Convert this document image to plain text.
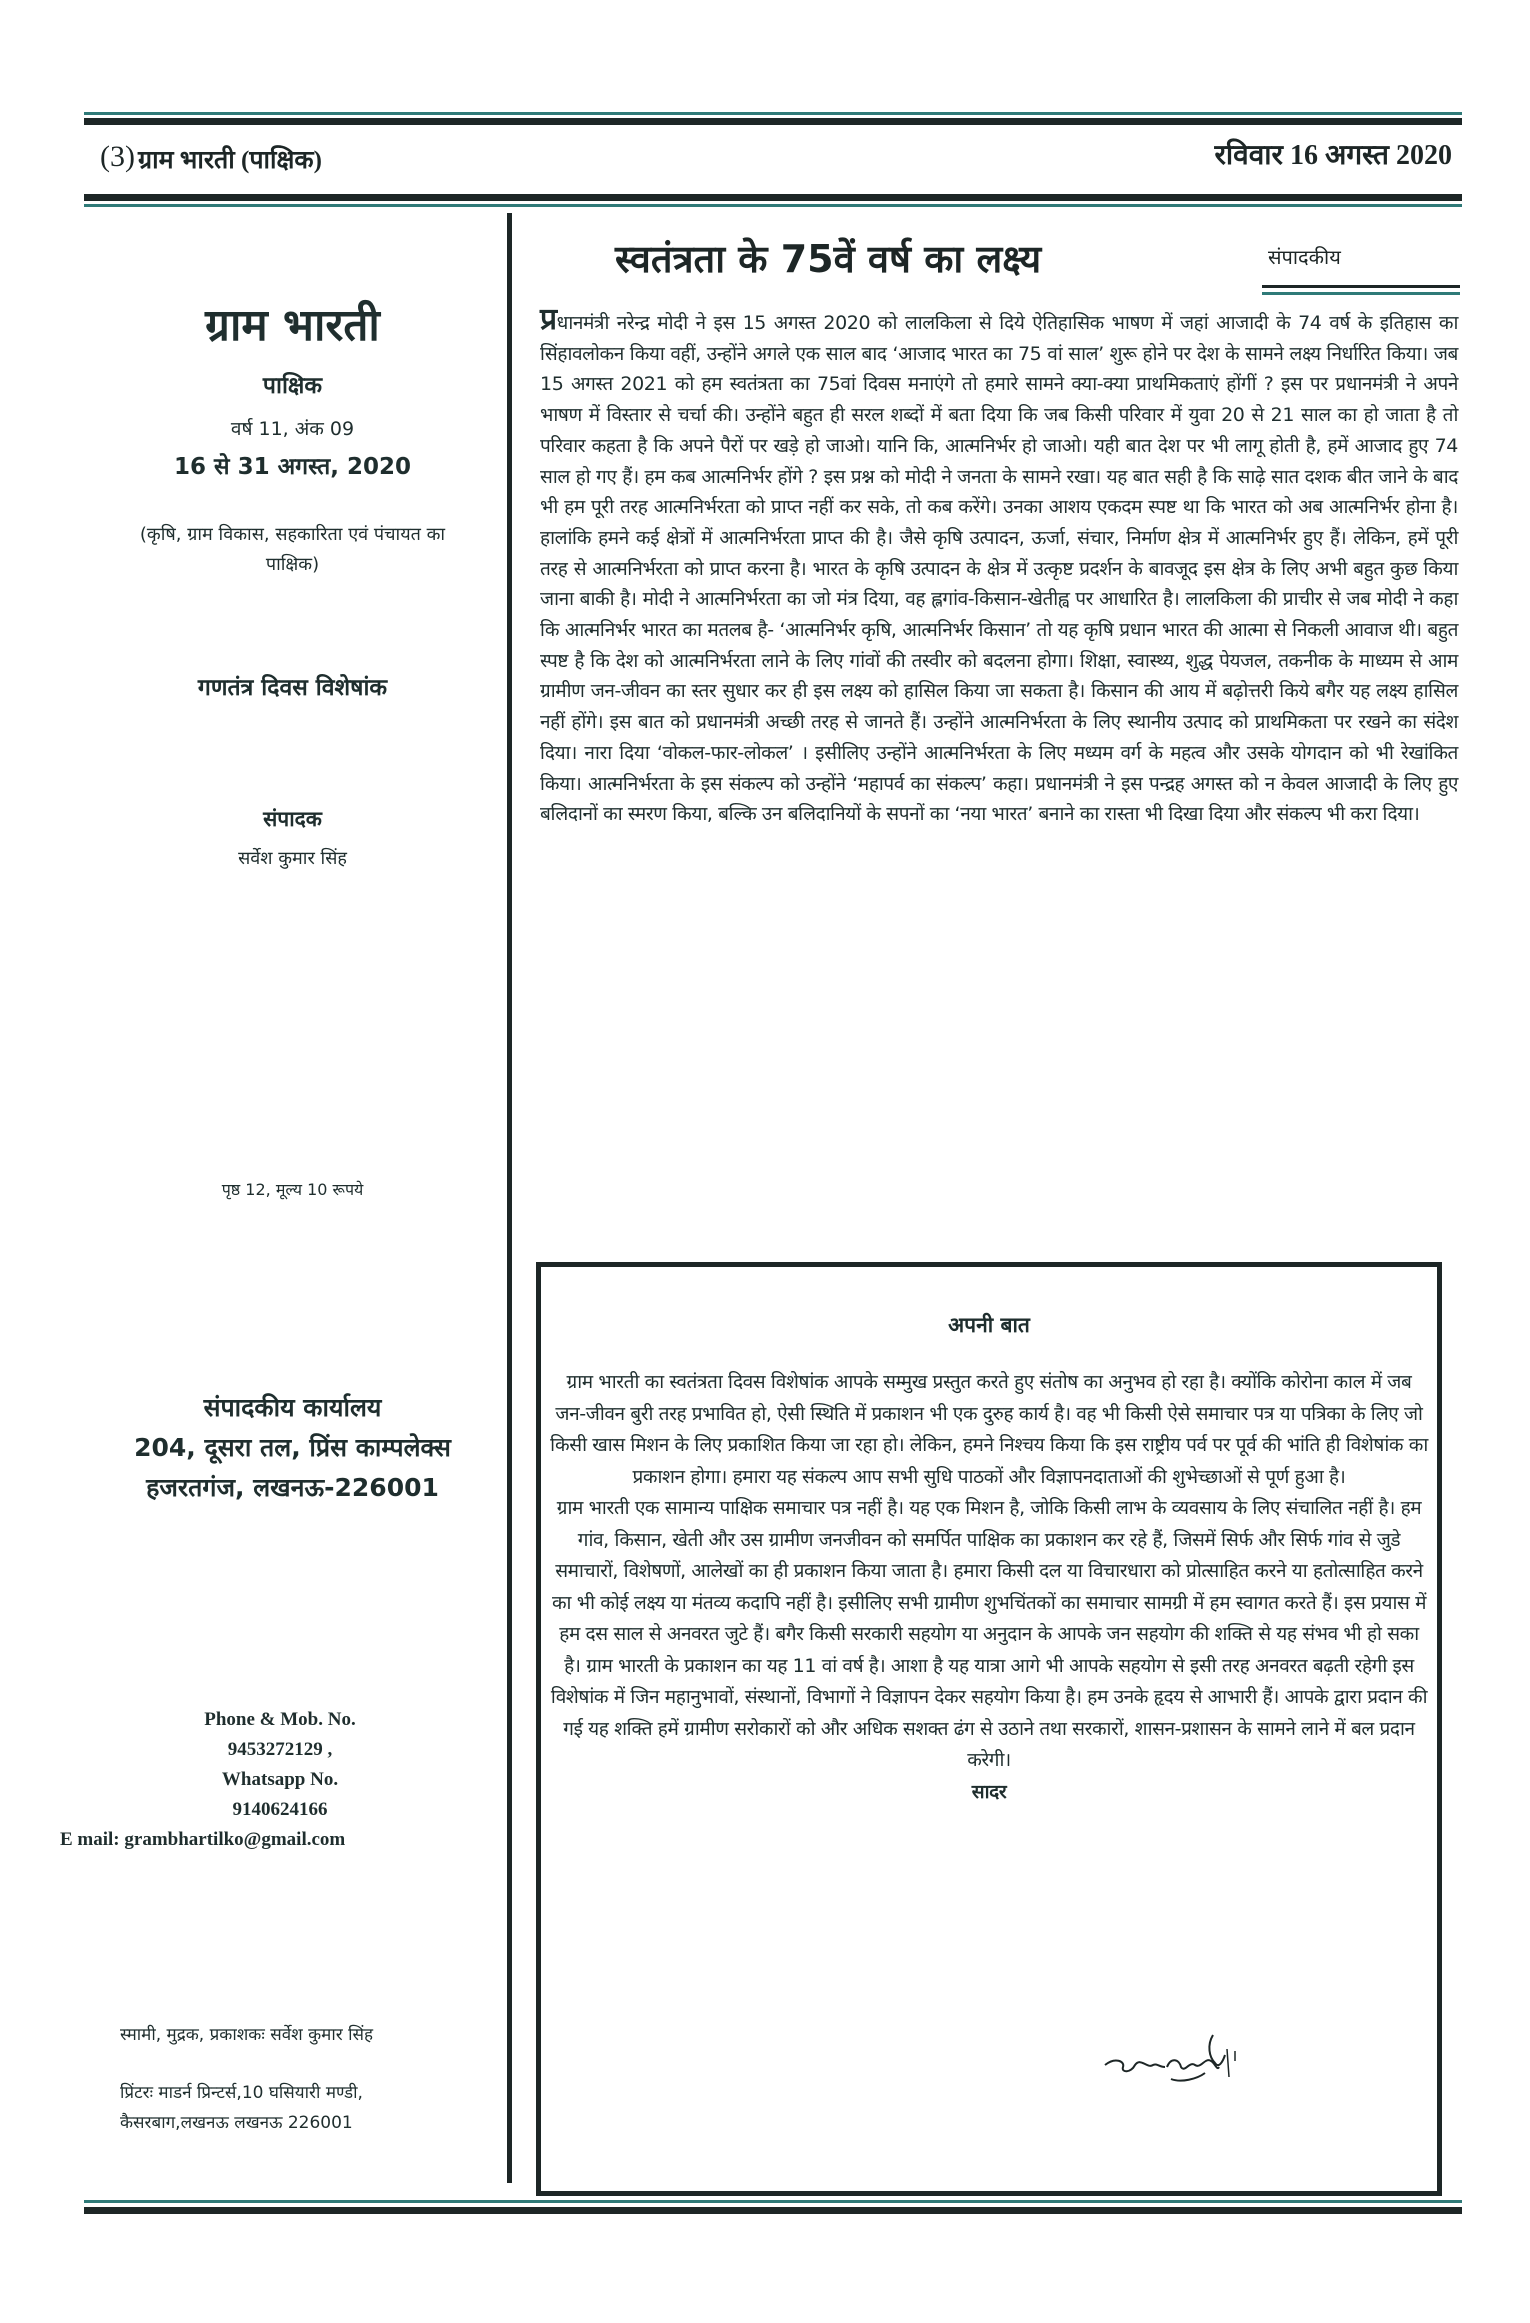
(3) ग्राम भारती (पाक्षिक)	रविवार 16 अगस्त 2020
ग्राम भारती
पाक्षिक
वर्ष 11, अंक 09
16 से 31 अगस्त, 2020
(कृषि, ग्राम विकास, सहकारिता एवं पंचायत का पाक्षिक)
गणतंत्र दिवस विशेषांक
संपादक
सर्वेश कुमार सिंह
पृष्ठ 12, मूल्य 10 रूपये
संपादकीय कार्यालय
204, दूसरा तल, प्रिंस काम्पलेक्स
हजरतगंज, लखनऊ-226001
Phone & Mob. No.
9453272129 ,
Whatsapp No.
9140624166
E mail: grambhartilko@gmail.com
स्मामी, मुद्रक, प्रकाशकः सर्वेश कुमार सिंह
प्रिंटरः माडर्न प्रिन्टर्स,10 घसियारी मण्डी,
कैसरबाग,लखनऊ लखनऊ 226001
स्वतंत्रता के 75वें वर्ष का लक्ष्य	संपादकीय
प्रधानमंत्री नरेन्द्र मोदी ने इस 15 अगस्त 2020 को लालकिला से दिये ऐतिहासिक भाषण में जहां आजादी के 74 वर्ष के इतिहास का सिंहावलोकन किया वहीं, उन्होंने अगले एक साल बाद ‘आजाद भारत का 75 वां साल’ शुरू होने पर देश के सामने लक्ष्य निर्धारित किया। जब 15 अगस्त 2021 को हम स्वतंत्रता का 75वां दिवस मनाएंगे तो हमारे सामने क्या-क्या प्राथमिकताएं होंगीं ? इस पर प्रधानमंत्री ने अपने भाषण में विस्तार से चर्चा की। उन्होंने बहुत ही सरल शब्दों में बता दिया कि जब किसी परिवार में युवा 20 से 21 साल का हो जाता है तो परिवार कहता है कि अपने पैरों पर खड़े हो जाओ। यानि कि, आत्मनिर्भर हो जाओ। यही बात देश पर भी लागू होती है, हमें आजाद हुए 74 साल हो गए हैं। हम कब आत्मनिर्भर होंगे ? इस प्रश्न को मोदी ने जनता के सामने रखा। यह बात सही है कि साढ़े सात दशक बीत जाने के बाद भी हम पूरी तरह आत्मनिर्भरता को प्राप्त नहीं कर सके, तो कब करेंगे। उनका आशय एकदम स्पष्ट था कि भारत को अब आत्मनिर्भर होना है। हालांकि हमने कई क्षेत्रों में आत्मनिर्भरता प्राप्त की है। जैसे कृषि उत्पादन, ऊर्जा, संचार, निर्माण क्षेत्र में आत्मनिर्भर हुए हैं। लेकिन, हमें पूरी तरह से आत्मनिर्भरता को प्राप्त करना है। भारत के कृषि उत्पादन के क्षेत्र में उत्कृष्ट प्रदर्शन के बावजूद इस क्षेत्र के लिए अभी बहुत कुछ किया जाना बाकी है। मोदी ने आत्मनिर्भरता का जो मंत्र दिया, वह ह्लगांव-किसान-खेतीह्व पर आधारित है। लालकिला की प्राचीर से जब मोदी ने कहा कि आत्मनिर्भर भारत का मतलब है- ‘आत्मनिर्भर कृषि, आत्मनिर्भर किसान’ तो यह कृषि प्रधान भारत की आत्मा से निकली आवाज थी। बहुत स्पष्ट है कि देश को आत्मनिर्भरता लाने के लिए गांवों की तस्वीर को बदलना होगा। शिक्षा, स्वास्थ्य, शुद्ध पेयजल, तकनीक के माध्यम से आम ग्रामीण जन-जीवन का स्तर सुधार कर ही इस लक्ष्य को हासिल किया जा सकता है। किसान की आय में बढ़ोत्तरी किये बगैर यह लक्ष्य हासिल नहीं होंगे। इस बात को प्रधानमंत्री अच्छी तरह से जानते हैं। उन्होंने आत्मनिर्भरता के लिए स्थानीय उत्पाद को प्राथमिकता पर रखने का संदेश दिया। नारा दिया ‘वोकल-फार-लोकल’ । इसीलिए उन्होंने आत्मनिर्भरता के लिए मध्यम वर्ग के महत्व और उसके योगदान को भी रेखांकित किया। आत्मनिर्भरता के इस संकल्प को उन्होंने ‘महापर्व का संकल्प’ कहा। प्रधानमंत्री ने इस पन्द्रह अगस्त को न केवल आजादी के लिए हुए बलिदानों का स्मरण किया, बल्कि उन बलिदानियों के सपनों का ‘नया भारत’ बनाने का रास्ता भी दिखा दिया और संकल्प भी करा दिया।
अपनी बात

ग्राम भारती का स्वतंत्रता दिवस विशेषांक आपके सम्मुख प्रस्तुत करते हुए संतोष का अनुभव हो रहा है। क्योंकि कोरोना काल में जब जन-जीवन बुरी तरह प्रभावित हो, ऐसी स्थिति में प्रकाशन भी एक दुरुह कार्य है। वह भी किसी ऐसे समाचार पत्र या पत्रिका के लिए जो किसी खास मिशन के लिए प्रकाशित किया जा रहा हो। लेकिन, हमने निश्चय किया कि इस राष्ट्रीय पर्व पर पूर्व की भांति ही विशेषांक का प्रकाशन होगा। हमारा यह संकल्प आप सभी सुधि पाठकों और विज्ञापनदाताओं की शुभेच्छाओं से पूर्ण हुआ है।

ग्राम भारती एक सामान्य पाक्षिक समाचार पत्र नहीं है। यह एक मिशन है, जोकि किसी लाभ के व्यवसाय के लिए संचालित नहीं है। हम गांव, किसान, खेती और उस ग्रामीण जनजीवन को समर्पित पाक्षिक का प्रकाशन कर रहे हैं, जिसमें सिर्फ और सिर्फ गांव से जुडे समाचारों, विशेषणों, आलेखों का ही प्रकाशन किया जाता है। हमारा किसी दल या विचारधारा को प्रोत्साहित करने या हतोत्साहित करने का भी कोई लक्ष्य या मंतव्य कदापि नहीं है। इसीलिए सभी ग्रामीण शुभचिंतकों का समाचार सामग्री में हम स्वागत करते हैं। इस प्रयास में हम दस साल से अनवरत जुटे हैं। बगैर किसी सरकारी सहयोग या अनुदान के आपके जन सहयोग की शक्ति से यह संभव भी हो सका है। ग्राम भारती के प्रकाशन का यह 11 वां वर्ष है। आशा है यह यात्रा आगे भी आपके सहयोग से इसी तरह अनवरत बढ़ती रहेगी इस विशेषांक में जिन महानुभावों, संस्थानों, विभागों ने विज्ञापन देकर सहयोग किया है। हम उनके हृदय से आभारी हैं। आपके द्वारा प्रदान की गई यह शक्ति हमें ग्रामीण सरोकारों को और अधिक सशक्त ढंग से उठाने तथा सरकारों, शासन-प्रशासन के सामने लाने में बल प्रदान करेगी।

सादर
